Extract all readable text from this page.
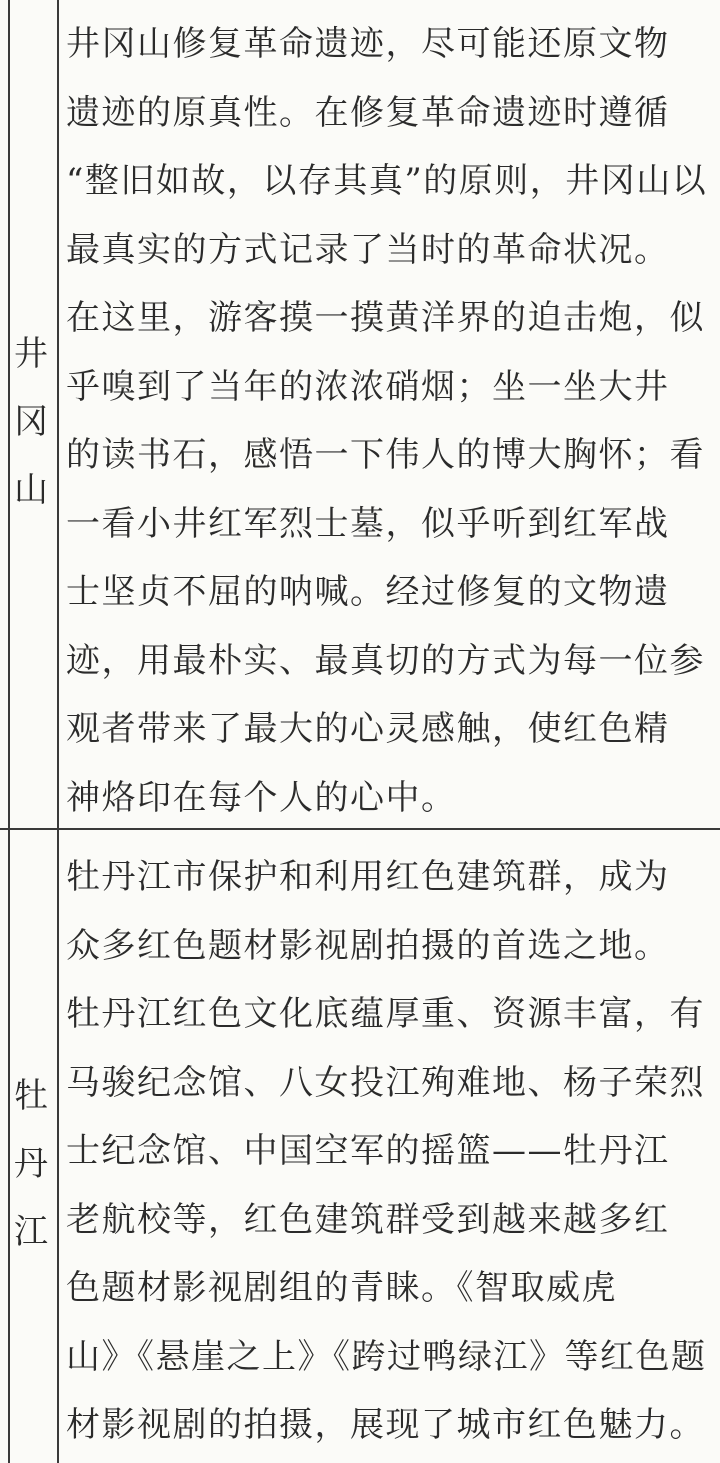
井
冈
山
井冈山修复革命遗迹，尽可能还原文物
遗迹的原真性。在修复革命遗迹时遵循
“整旧如故，以存其真”的原则，井冈山以
最真实的方式记录了当时的革命状况。
在这里，游客摸一摸黄洋界的迫击炮，似
乎嗅到了当年的浓浓硝烟；坐一坐大井
的读书石，感悟一下伟人的博大胸怀；看
一看小井红军烈士墓，似乎听到红军战
士坚贞不屈的呐喊。经过修复的文物遗
迹，用最朴实、最真切的方式为每一位参
观者带来了最大的心灵感触，使红色精
神烙印在每个人的心中。
牡
丹
江
牡丹江市保护和利用红色建筑群，成为
众多红色题材影视剧拍摄的首选之地。
牡丹江红色文化底蕴厚重、资源丰富，有
马骏纪念馆、八女投江殉难地、杨子荣烈
士纪念馆、中国空军的摇篮——牡丹江
老航校等，红色建筑群受到越来越多红
色题材影视剧组的青睐。《智取威虎
山》《悬崖之上》《跨过鸭绿江》等红色题
材影视剧的拍摄，展现了城市红色魅力。
